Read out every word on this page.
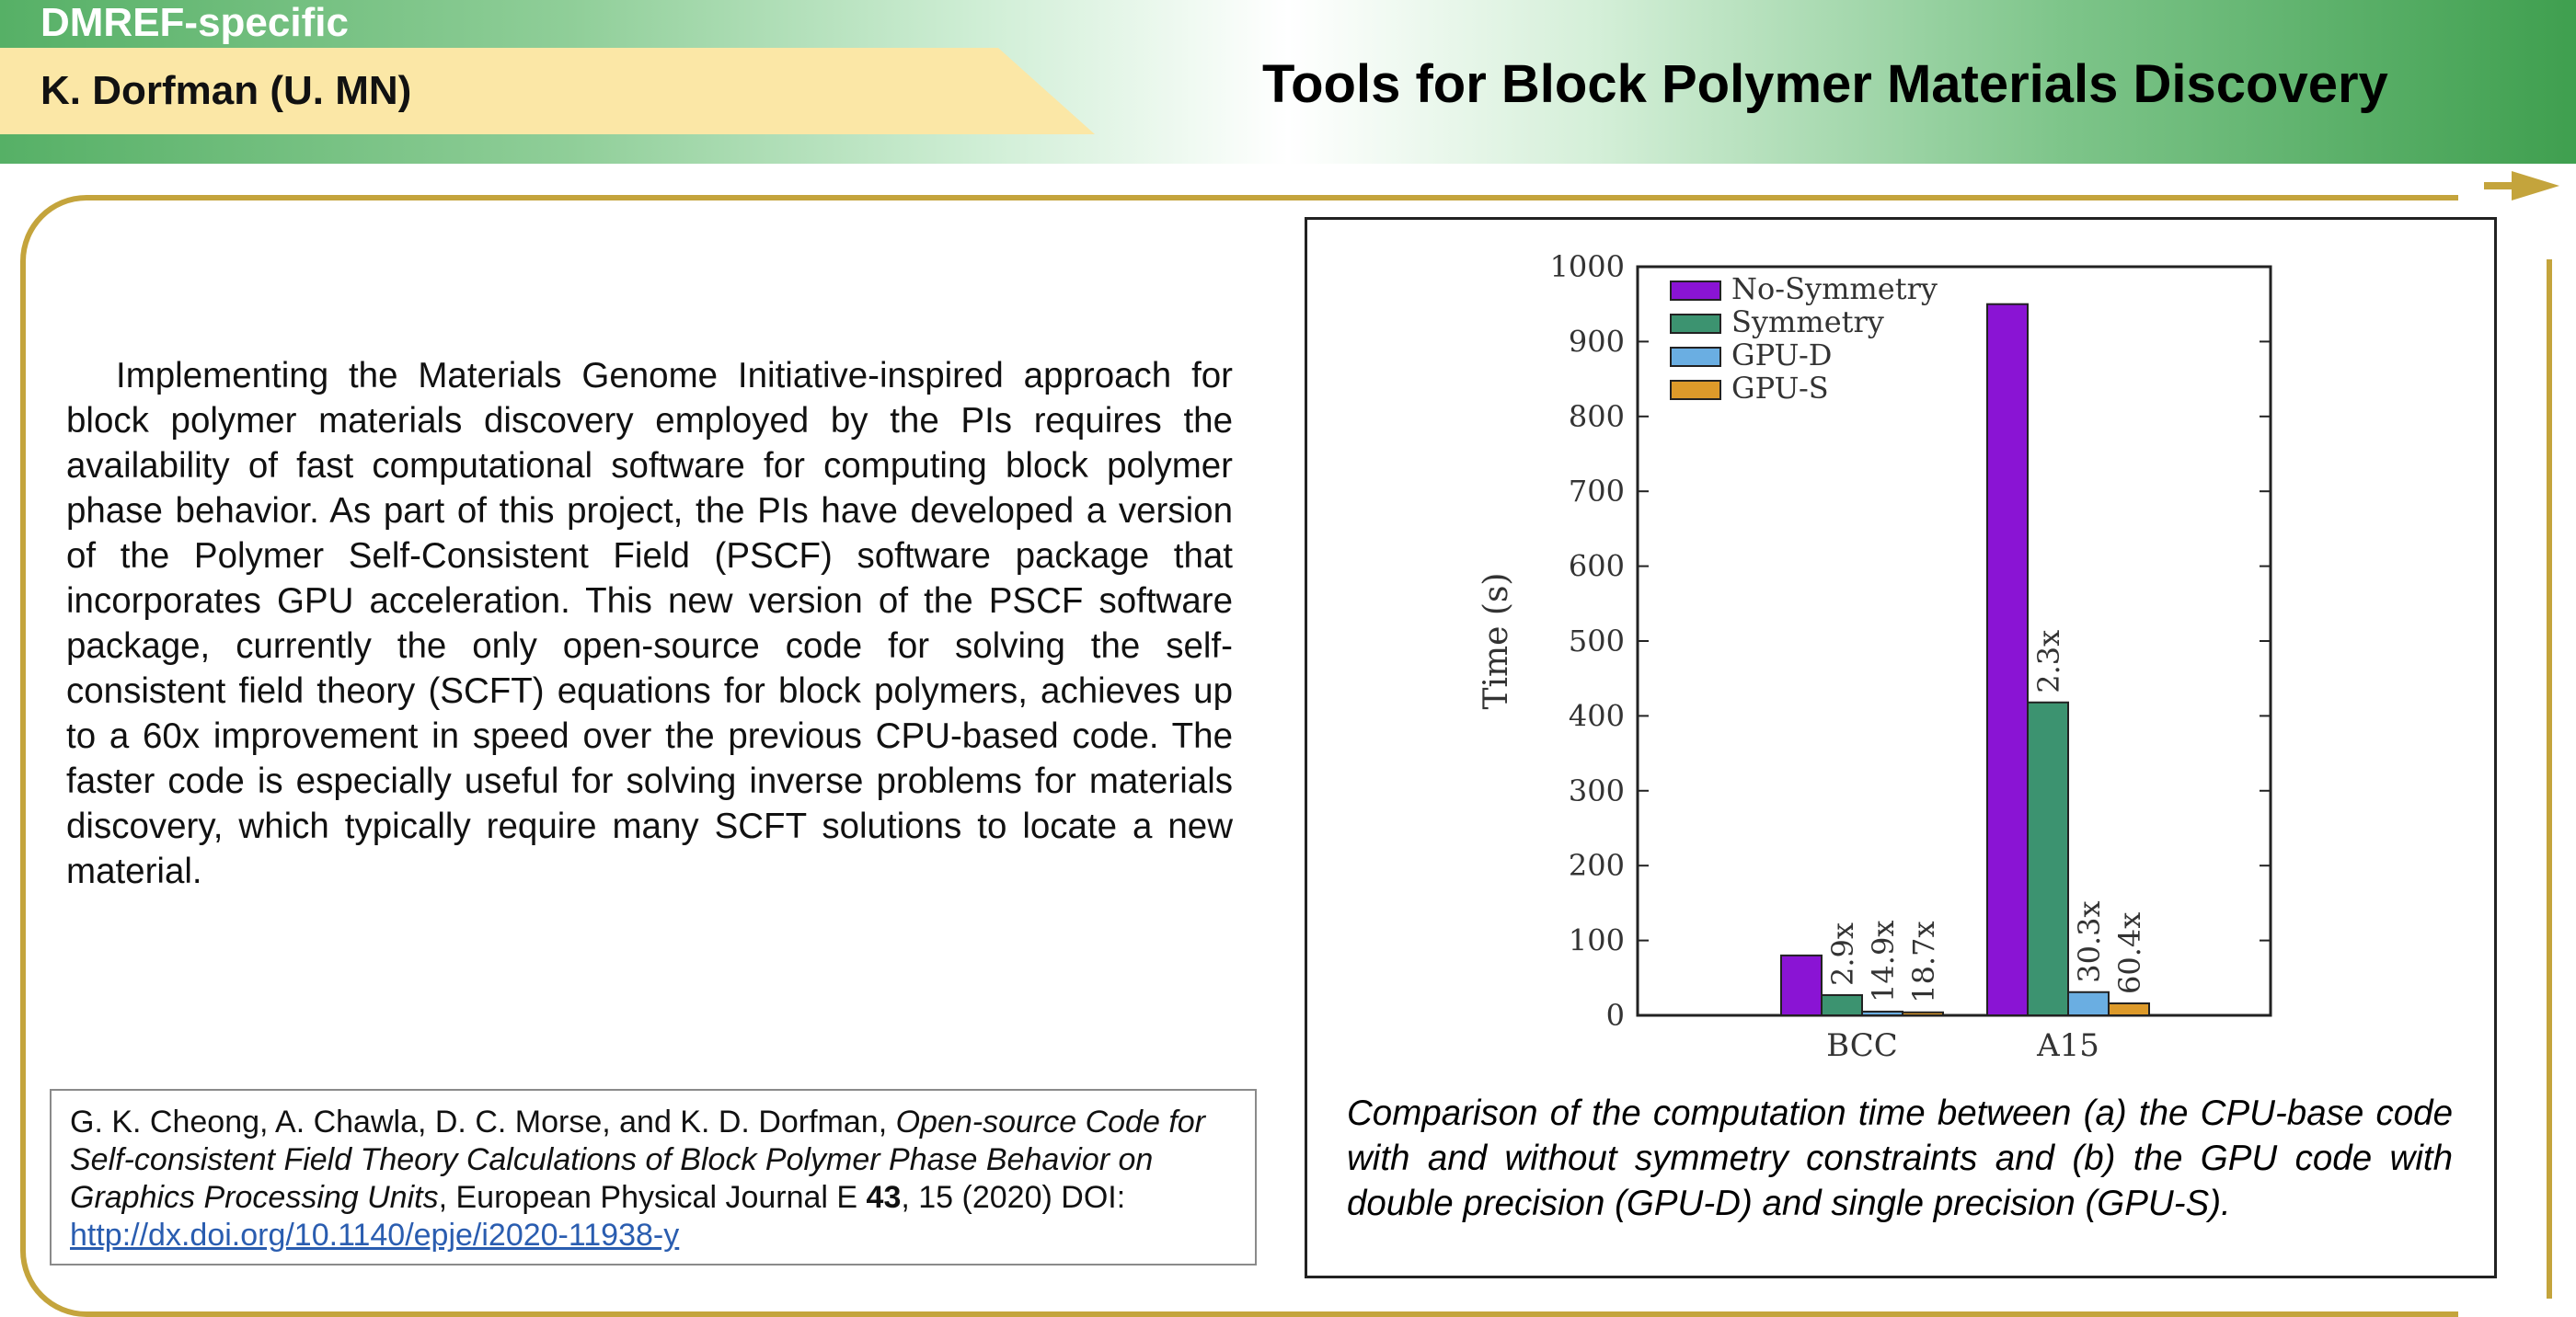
DMREF-specific
K. Dorfman (U. MN)	Tools for Block Polymer Materials Discovery
Implementing the Materials Genome Initiative-inspired approach for block polymer materials discovery employed by the PIs requires the availability of fast computational software for computing block polymer phase behavior. As part of this project, the PIs have developed a version of the Polymer Self-Consistent Field (PSCF) software package that incorporates GPU acceleration. This new version of the PSCF software package, currently the only open-source code for solving the self-consistent field theory (SCFT) equations for block polymers, achieves up to a 60x improvement in speed over the previous CPU-based code. The faster code is especially useful for solving inverse problems for materials discovery, which typically require many SCFT solutions to locate a new material.
G. K. Cheong, A. Chawla, D. C. Morse, and K. D. Dorfman, Open-source Code for Self-consistent Field Theory Calculations of Block Polymer Phase Behavior on Graphics Processing Units, European Physical Journal E 43, 15 (2020) DOI: http://dx.doi.org/10.1140/epje/i2020-11938-y
0
100
200
300
400
500
600
700
800
900
1000
Time (s)
BCC
2.9x 14.9x 18.7x
A15
2.3x
30.3x 60.4x
No-Symmetry
Symmetry
GPU-D
GPU-S
Comparison of the computation time between (a) the CPU-base code with and without symmetry constraints and (b) the GPU code with double precision (GPU-D) and single precision (GPU-S).
